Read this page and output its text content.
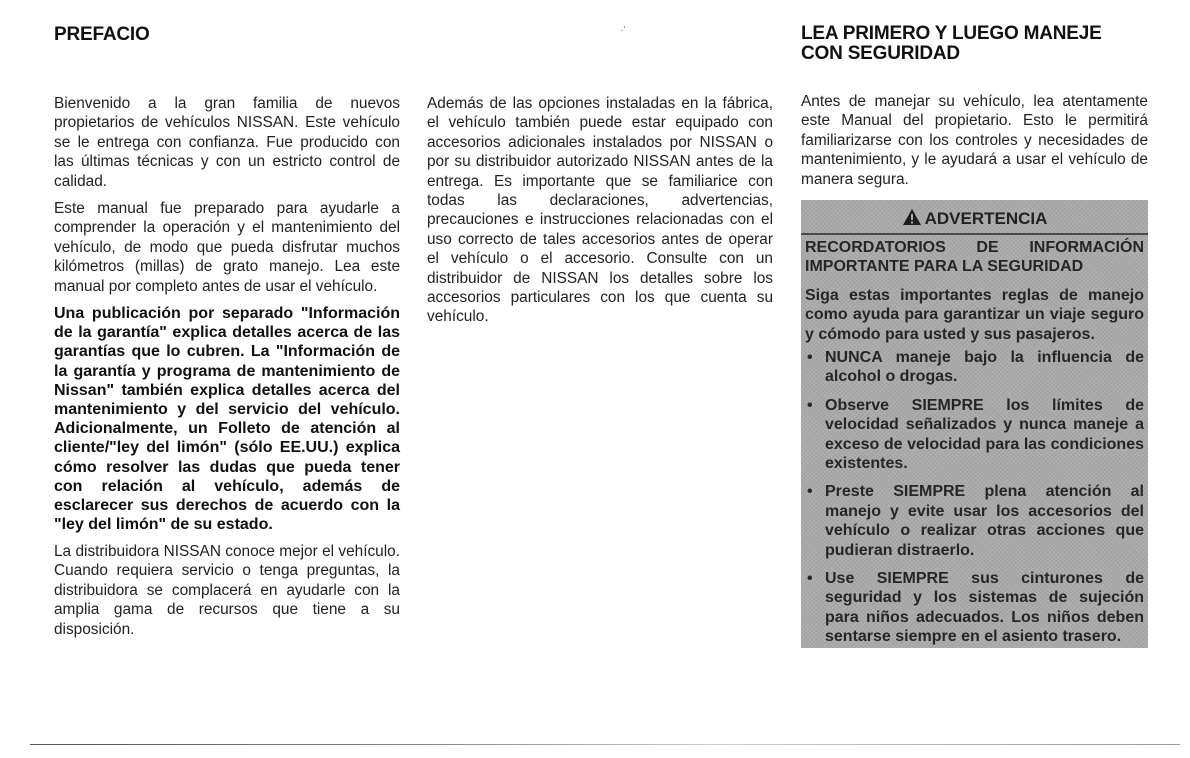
PREFACIO	LEA PRIMERO Y LUEGO MANEJE CON SEGURIDAD
·’

Bienvenido a la gran familia de nuevos propietarios de vehículos NISSAN. Este vehículo se le entrega con confianza. Fue producido con las últimas técnicas y con un estricto control de calidad.

Este manual fue preparado para ayudarle a comprender la operación y el mantenimiento del vehículo, de modo que pueda disfrutar muchos kilómetros (millas) de grato manejo. Lea este manual por completo antes de usar el vehículo.

Una publicación por separado "Información de la garantía" explica detalles acerca de las garantías que lo cubren. La "Información de la garantía y programa de mantenimiento de Nissan" también explica detalles acerca del mantenimiento y del servicio del vehículo. Adicionalmente, un Folleto de atención al cliente/"ley del limón" (sólo EE.UU.) explica cómo resolver las dudas que pueda tener con relación al vehículo, además de esclarecer sus derechos de acuerdo con la "ley del limón" de su estado.

La distribuidora NISSAN conoce mejor el vehículo. Cuando requiera servicio o tenga preguntas, la distribuidora se complacerá en ayudarle con la amplia gama de recursos que tiene a su disposición.

Además de las opciones instaladas en la fábrica, el vehículo también puede estar equipado con accesorios adicionales instalados por NISSAN o por su distribuidor autorizado NISSAN antes de la entrega. Es importante que se familiarice con todas las declaraciones, advertencias, precauciones e instrucciones relacionadas con el uso correcto de tales accesorios antes de operar el vehículo o el accesorio. Consulte con un distribuidor de NISSAN los detalles sobre los accesorios particulares con los que cuenta su vehículo.

Antes de manejar su vehículo, lea atentamente este Manual del propietario. Esto le permitirá familiarizarse con los controles y necesidades de mantenimiento, y le ayudará a usar el vehículo de manera segura.

ADVERTENCIA
RECORDATORIOS DE INFORMACIÓN IMPORTANTE PARA LA SEGURIDAD
Siga estas importantes reglas de manejo como ayuda para garantizar un viaje seguro y cómodo para usted y sus pasajeros.
• NUNCA maneje bajo la influencia de alcohol o drogas.
• Observe SIEMPRE los límites de velocidad señalizados y nunca maneje a exceso de velocidad para las condiciones existentes.
• Preste SIEMPRE plena atención al manejo y evite usar los accesorios del vehículo o realizar otras acciones que pudieran distraerlo.
• Use SIEMPRE sus cinturones de seguridad y los sistemas de sujeción para niños adecuados. Los niños deben sentarse siempre en el asiento trasero.
